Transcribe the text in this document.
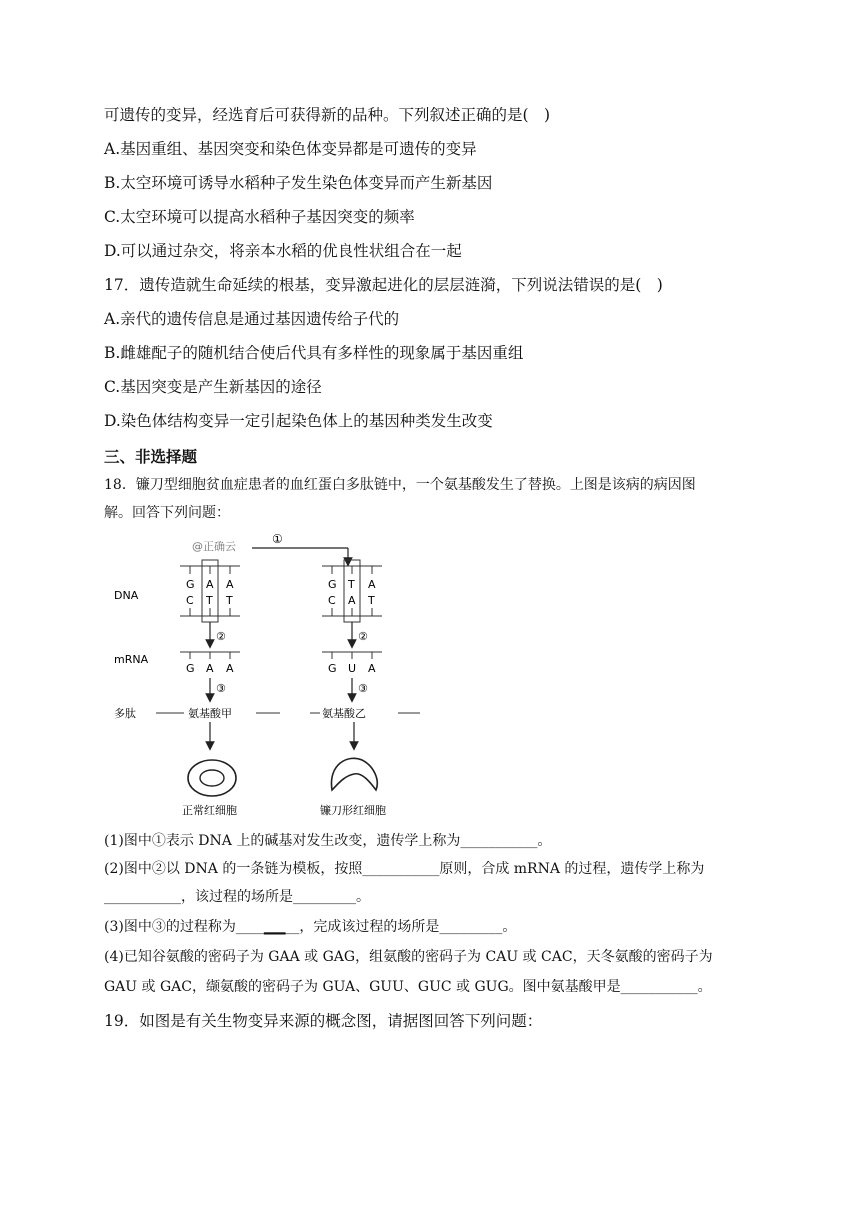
可遗传的变异，经选育后可获得新的品种。下列叙述正确的是(　)
A.基因重组、基因突变和染色体变异都是可遗传的变异
B.太空环境可诱导水稻种子发生染色体变异而产生新基因
C.太空环境可以提高水稻种子基因突变的频率
D.可以通过杂交，将亲本水稻的优良性状组合在一起
17．遗传造就生命延续的根基，变异激起进化的层层涟漪，下列说法错误的是(　)
A.亲代的遗传信息是通过基因遗传给子代的
B.雌雄配子的随机结合使后代具有多样性的现象属于基因重组
C.基因突变是产生新基因的途径
D.染色体结构变异一定引起染色体上的基因种类发生改变
三、非选择题
18．镰刀型细胞贫血症患者的血红蛋白多肽链中，一个氨基酸发生了替换。上图是该病的病因图
解。回答下列问题：
@正确云
①
DNA
mRNA
多肽
G A A
C T T
②
G A A
③
氨基酸甲	氨基酸乙
正常红细胞
G T A
C A T
②
G U A
③
镰刀形红细胞
(1)图中①表示 DNA 上的碱基对发生改变，遗传学上称为___________。
(2)图中②以 DNA 的一条链为模板，按照___________原则，合成 mRNA 的过程，遗传学上称为
___________，该过程的场所是_________。
(3)图中③的过程称为____▁▁__，完成该过程的场所是_________。
(4)已知谷氨酸的密码子为 GAA 或 GAG，组氨酸的密码子为 CAU 或 CAC，天冬氨酸的密码子为
GAU 或 GAC，缬氨酸的密码子为 GUA、GUU、GUC 或 GUG。图中氨基酸甲是___________。
19．如图是有关生物变异来源的概念图，请据图回答下列问题：
